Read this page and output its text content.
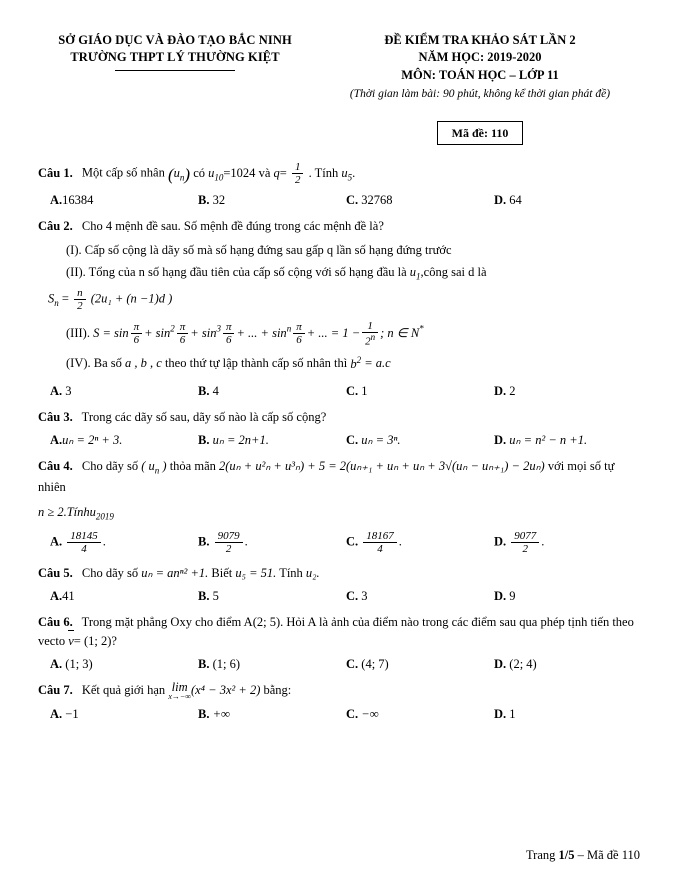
SỞ GIÁO DỤC VÀ ĐÀO TẠO BẮC NINH
TRƯỜNG THPT LÝ THƯỜNG KIỆT
ĐỀ KIỂM TRA KHẢO SÁT LẦN 2
NĂM HỌC: 2019-2020
MÔN: TOÁN HỌC – LỚP 11
(Thời gian làm bài: 90 phút, không kể thời gian phát đề)
Mã đề: 110
Câu 1. Một cấp số nhân $(u_n)$ có $u_{10}=1024$ và $q= \frac{1}{2}$ . Tính $u_5$.
A.16384	B. 32	C. 32768	D. 64
Câu 2. Cho 4 mệnh đề sau. Số mệnh đề đúng trong các mệnh đề là?
(I). Cấp số cộng là dãy số mà số hạng đứng sau gấp q lần số hạng đứng trước
(II). Tổng của n số hạng đầu tiên của cấp số cộng với số hạng đầu là $u_1,công$ sai d là
$S_n = \frac{n}{2} (2u_1 + (n -1)d$ )
(III). $S = \sin \frac{\pi}{6} + \sin^2 \frac{\pi}{6} + \sin^3 \frac{\pi}{6}$ + ... + $\sin^n \frac{\pi}{6}$ + ... = $1 - \frac{1}{2^n}$ ; n ∈ N*
(IV). Ba số a , b , c theo thứ tự lập thành cấp số nhân thì $b^2 = a.c$
A. 3	B. 4	C. 1	D. 2
Câu 3. Trong các dãy số sau, dãy số nào là cấp số cộng?
A.uₙ = 2ⁿ + 3.	B. uₙ = 2n+1.	C. uₙ = 3ⁿ.	D. uₙ = n² − n +1.
Câu 4. Cho dãy số ( $u_n$ ) thỏa mãn 2(uₙ + u²ₙ + u³ₙ) + 5 = 2(uₙ₊₁ + uₙ + uₙ + 3√(uₙ − uₙ₊₁) − 2uₙ) với mọi số tự nhiên
n ≥ 2.Tínhu$_{2019}$
A. $\frac{18145}{4}$ .	B. $\frac{9079}{2}$ .	C. $\frac{18167}{4}$ .	D. $\frac{9077}{2}$ .
Câu 5. Cho dãy số uₙ = anⁿ² +1. Biết u₅ = 51. Tính u₂.
A.41	B. 5	C. 3	D. 9
Câu 6. Trong mặt phẳng Oxy cho điểm A(2; 5). Hỏi A là ảnh của điểm nào trong các điểm sau qua phép tịnh tiến theo vecto v= (1; 2)?
A. (1; 3)	B. (1; 6)	C. (4; 7)	D. (2; 4)
Câu 7. Kết quả giới hạn lim
x→−∞ (x⁴ − 3x² + 2) bằng:
A. −1	B. +∞	C. −∞	D. 1
Trang 1/5 – Mã đề 110
